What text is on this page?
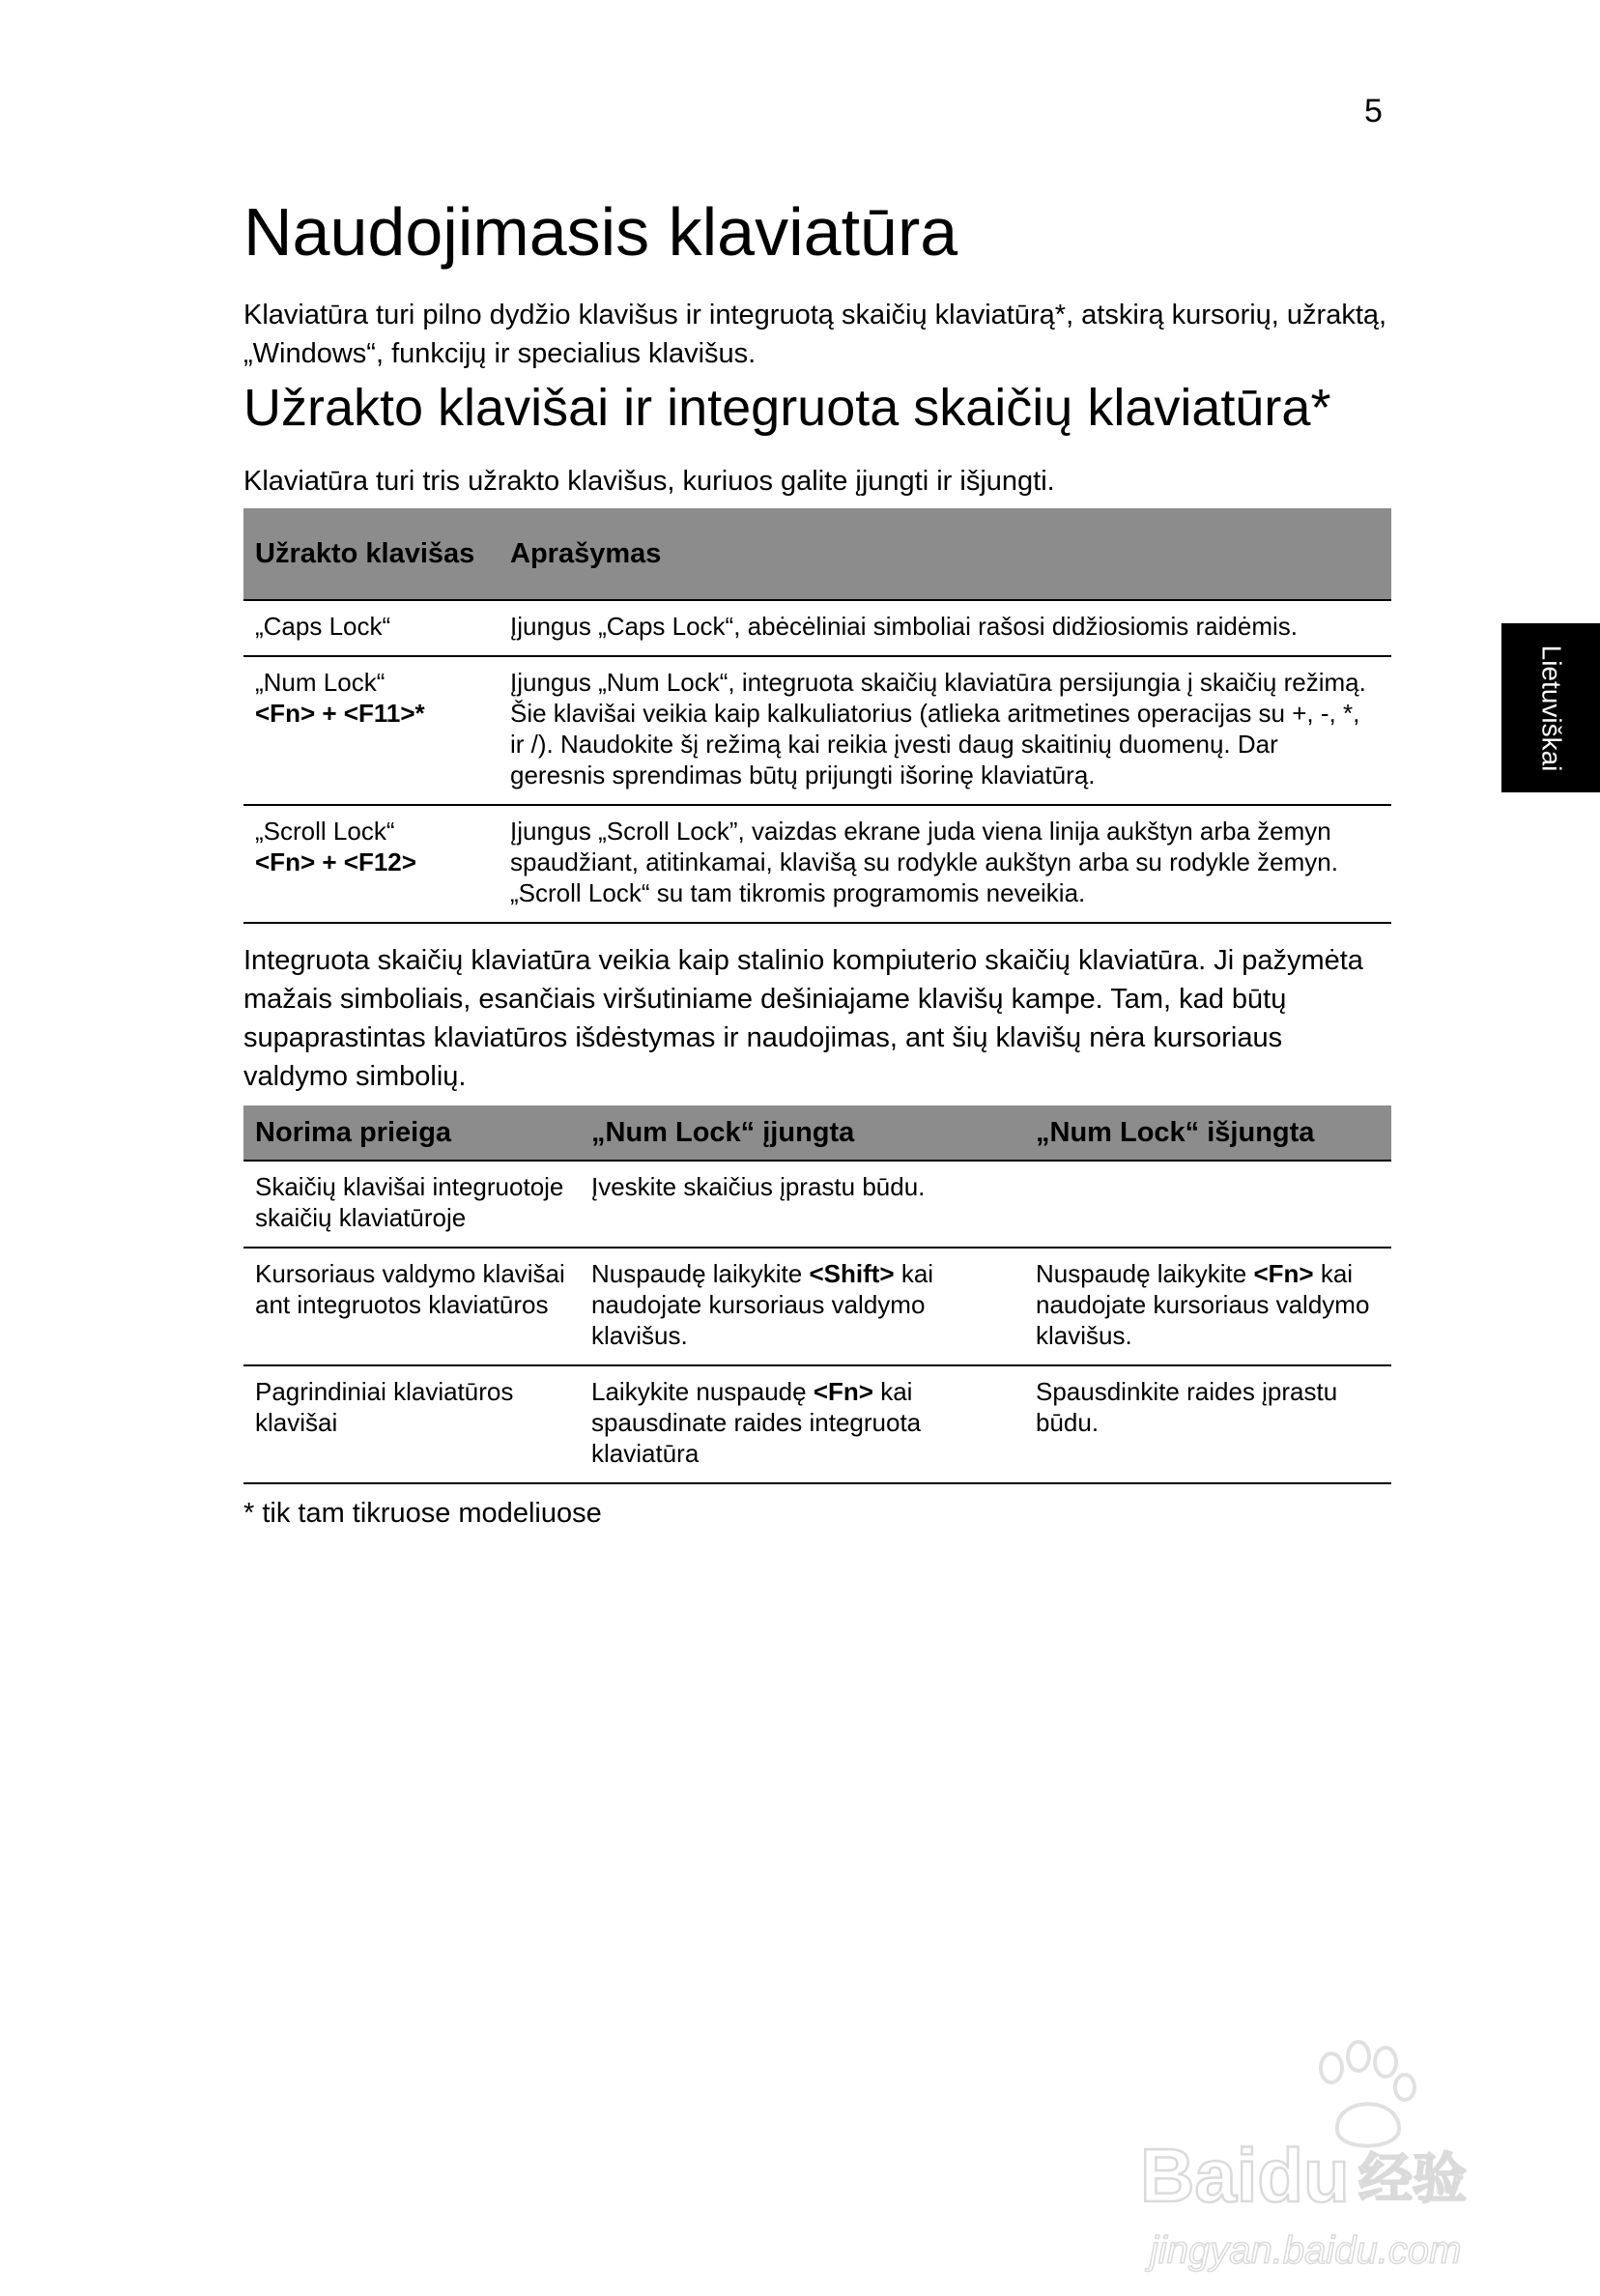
5
Lietuviškai
Naudojimasis klaviatūra

Klaviatūra turi pilno dydžio klavišus ir integruotą skaičių klaviatūrą*, atskirą kursorių, užraktą, „Windows“, funkcijų ir specialius klavišus.

Užrakto klavišai ir integruota skaičių klaviatūra*

Klaviatūra turi tris užrakto klavišus, kuriuos galite įjungti ir išjungti.

Užrakto klavišas	Aprašymas

„Caps Lock“	Įjungus „Caps Lock“, abėcėliniai simboliai rašosi didžiosiomis raidėmis.

„Num Lock“
<Fn> + <F11>*	Įjungus „Num Lock“, integruota skaičių klaviatūra persijungia į skaičių režimą. Šie klavišai veikia kaip kalkuliatorius (atlieka aritmetines operacijas su +, -, *, ir /). Naudokite šį režimą kai reikia įvesti daug skaitinių duomenų. Dar geresnis sprendimas būtų prijungti išorinę klaviatūrą.

„Scroll Lock“
<Fn> + <F12>	Įjungus „Scroll Lock”, vaizdas ekrane juda viena linija aukštyn arba žemyn spaudžiant, atitinkamai, klavišą su rodykle aukštyn arba su rodykle žemyn. „Scroll Lock“ su tam tikromis programomis neveikia.

Integruota skaičių klaviatūra veikia kaip stalinio kompiuterio skaičių klaviatūra. Ji pažymėta mažais simboliais, esančiais viršutiniame dešiniajame klavišų kampe. Tam, kad būtų supaprastintas klaviatūros išdėstymas ir naudojimas, ant šių klavišų nėra kursoriaus valdymo simbolių.

Norima prieiga	„Num Lock“ įjungta	„Num Lock“ išjungta
Skaičių klavišai integruotoje skaičių klaviatūroje	Įveskite skaičius įprastu būdu.	
Kursoriaus valdymo klavišai ant integruotos klaviatūros	Nuspaudę laikykite <Shift> kai naudojate kursoriaus valdymo klavišus.	Nuspaudę laikykite <Fn> kai naudojate kursoriaus valdymo klavišus.
Pagrindiniai klaviatūros klavišai	Laikykite nuspaudę <Fn> kai spausdinate raides integruota klaviatūra	Spausdinkite raides įprastu būdu.
* tik tam tikruose modeliuose
Baidu 经验
jingyan.baidu.com
